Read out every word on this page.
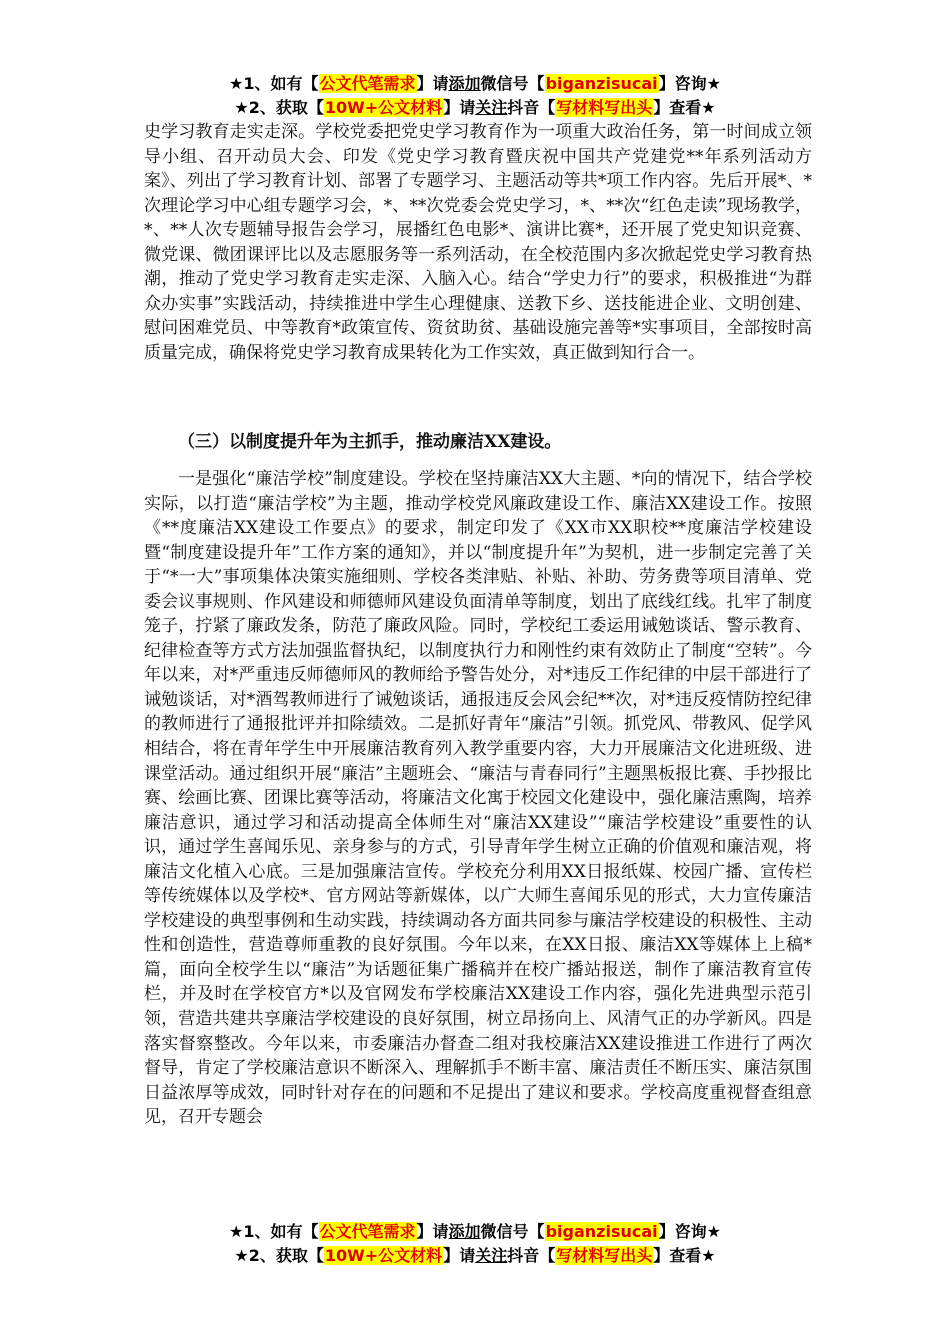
★1、如有【公文代笔需求】请添加微信号【biganzisucai】咨询★
★2、获取【10W+公文材料】请关注抖音【写材料写出头】查看★

史学习教育走实走深。学校党委把党史学习教育作为一项重大政治任务，第一时间成立领导小组、召开动员大会、印发《党史学习教育暨庆祝中国共产党建党**年系列活动方案》、列出了学习教育计划、部署了专题学习、主题活动等共*项工作内容。先后开展*、*次理论学习中心组专题学习会，*、**次党委会党史学习，*、**次“红色走读”现场教学，*、**人次专题辅导报告会学习，展播红色电影*、演讲比赛*，还开展了党史知识竞赛、微党课、微团课评比以及志愿服务等一系列活动，在全校范围内多次掀起党史学习教育热潮，推动了党史学习教育走实走深、入脑入心。结合“学史力行”的要求，积极推进“为群众办实事”实践活动，持续推进中学生心理健康、送教下乡、送技能进企业、文明创建、慰问困难党员、中等教育*政策宣传、资贫助贫、基础设施完善等*实事项目，全部按时高质量完成，确保将党史学习教育成果转化为工作实效，真正做到知行合一。

（三）以制度提升年为主抓手，推动廉洁XX建设。

一是强化“廉洁学校”制度建设。学校在坚持廉洁XX大主题、*向的情况下，结合学校实际，以打造“廉洁学校”为主题，推动学校党风廉政建设工作、廉洁XX建设工作。按照《**度廉洁XX建设工作要点》的要求，制定印发了《XX市XX职校**度廉洁学校建设暨“制度建设提升年”工作方案的通知》，并以“制度提升年”为契机，进一步制定完善了关于“*一大”事项集体决策实施细则、学校各类津贴、补贴、补助、劳务费等项目清单、党委会议事规则、作风建设和师德师风建设负面清单等制度，划出了底线红线。扎牢了制度笼子，拧紧了廉政发条，防范了廉政风险。同时，学校纪工委运用诫勉谈话、警示教育、纪律检查等方式方法加强监督执纪，以制度执行力和刚性约束有效防止了制度“空转”。今年以来，对*严重违反师德师风的教师给予警告处分，对*违反工作纪律的中层干部进行了诫勉谈话，对*酒驾教师进行了诫勉谈话，通报违反会风会纪**次，对*违反疫情防控纪律的教师进行了通报批评并扣除绩效。二是抓好青年“廉洁”引领。抓党风、带教风、促学风相结合，将在青年学生中开展廉洁教育列入教学重要内容，大力开展廉洁文化进班级、进课堂活动。通过组织开展“廉洁”主题班会、“廉洁与青春同行”主题黑板报比赛、手抄报比赛、绘画比赛、团课比赛等活动，将廉洁文化寓于校园文化建设中，强化廉洁熏陶，培养廉洁意识，通过学习和活动提高全体师生对“廉洁XX建设”“廉洁学校建设”重要性的认识，通过学生喜闻乐见、亲身参与的方式，引导青年学生树立正确的价值观和廉洁观，将廉洁文化植入心底。三是加强廉洁宣传。学校充分利用XX日报纸媒、校园广播、宣传栏等传统媒体以及学校*、官方网站等新媒体，以广大师生喜闻乐见的形式，大力宣传廉洁学校建设的典型事例和生动实践，持续调动各方面共同参与廉洁学校建设的积极性、主动性和创造性，营造尊师重教的良好氛围。今年以来，在XX日报、廉洁XX等媒体上上稿*篇，面向全校学生以“廉洁”为话题征集广播稿并在校广播站报送，制作了廉洁教育宣传栏，并及时在学校官方*以及官网发布学校廉洁XX建设工作内容，强化先进典型示范引领，营造共建共享廉洁学校建设的良好氛围，树立昂扬向上、风清气正的办学新风。四是落实督察整改。今年以来，市委廉洁办督查二组对我校廉洁XX建设推进工作进行了两次督导，肯定了学校廉洁意识不断深入、理解抓手不断丰富、廉洁责任不断压实、廉洁氛围日益浓厚等成效，同时针对存在的问题和不足提出了建议和要求。学校高度重视督查组意见，召开专题会

★1、如有【公文代笔需求】请添加微信号【biganzisucai】咨询★
★2、获取【10W+公文材料】请关注抖音【写材料写出头】查看★
